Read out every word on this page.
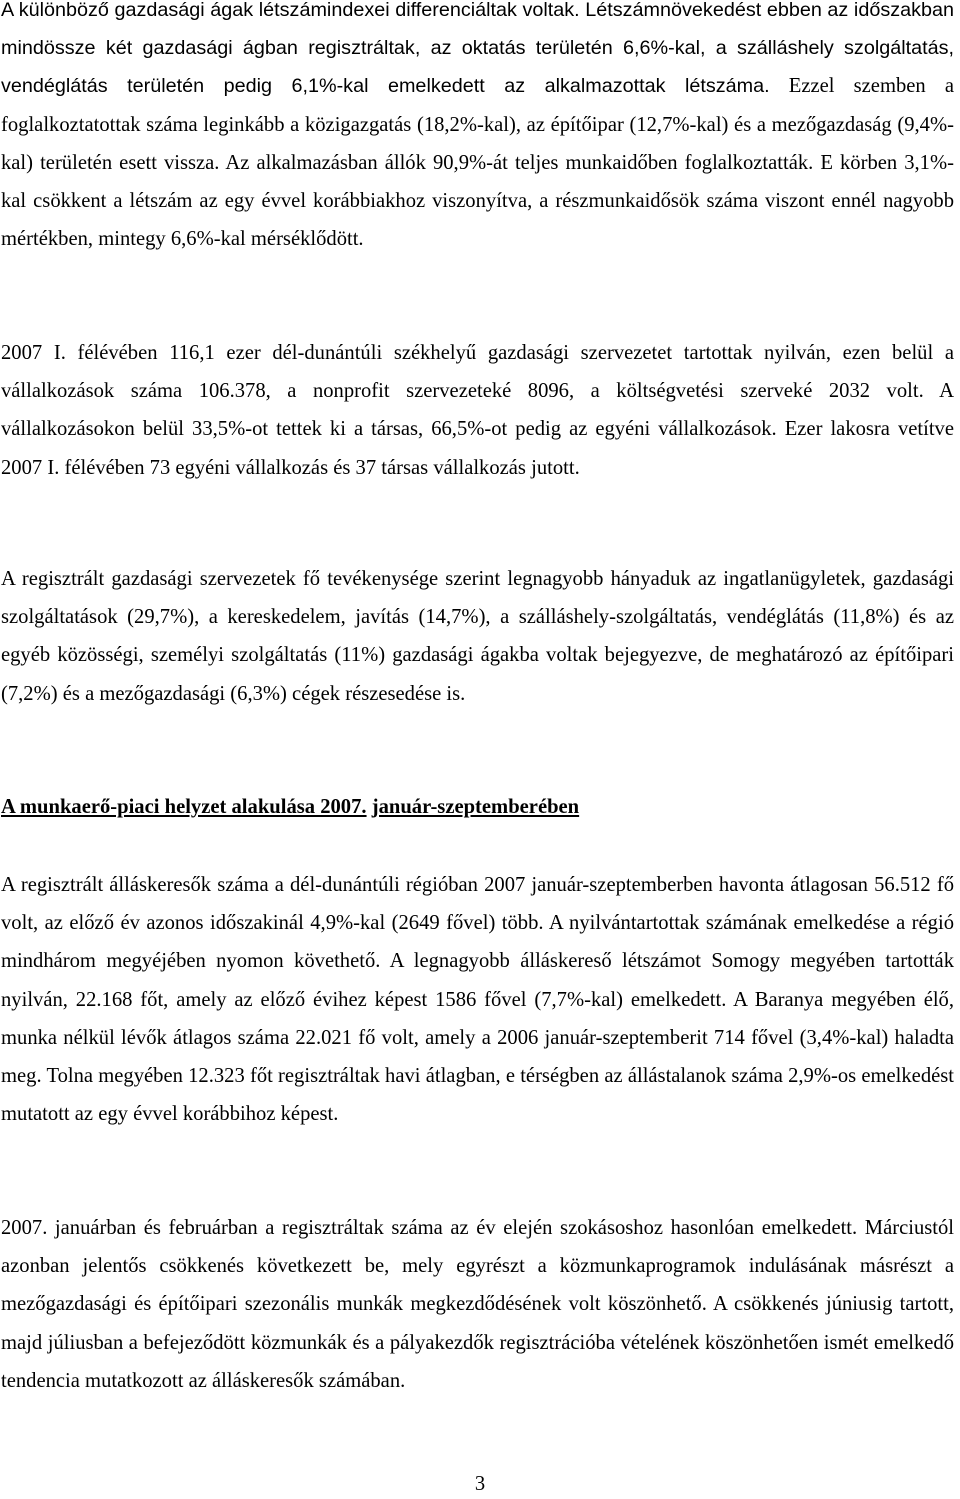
A különböző gazdasági ágak létszámindexei differenciáltak voltak. Létszámnövekedést ebben az időszakban mindössze két gazdasági ágban regisztráltak, az oktatás területén 6,6%-kal, a szálláshely szolgáltatás, vendéglátás területén pedig 6,1%-kal emelkedett az alkalmazottak létszáma. Ezzel szemben a foglalkoztatottak száma leginkább a közigazgatás (18,2%-kal), az építőipar (12,7%-kal) és a mezőgazdaság (9,4%-kal) területén esett vissza. Az alkalmazásban állók 90,9%-át teljes munkaidőben foglalkoztatták. E körben 3,1%-kal csökkent a létszám az egy évvel korábbiakhoz viszonyítva, a részmunkaidősök száma viszont ennél nagyobb mértékben, mintegy 6,6%-kal mérséklődött.

2007 I. félévében 116,1 ezer dél-dunántúli székhelyű gazdasági szervezetet tartottak nyilván, ezen belül a vállalkozások száma 106.378, a nonprofit szervezeteké 8096, a költségvetési szerveké 2032 volt. A vállalkozásokon belül 33,5%-ot tettek ki a társas, 66,5%-ot pedig az egyéni vállalkozások. Ezer lakosra vetítve 2007 I. félévében 73 egyéni vállalkozás és 37 társas vállalkozás jutott.

A regisztrált gazdasági szervezetek fő tevékenysége szerint legnagyobb hányaduk az ingatlanügyletek, gazdasági szolgáltatások (29,7%), a kereskedelem, javítás (14,7%), a szálláshely-szolgáltatás, vendéglátás (11,8%) és az egyéb közösségi, személyi szolgáltatás (11%) gazdasági ágakba voltak bejegyezve, de meghatározó az építőipari (7,2%) és a mezőgazdasági (6,3%) cégek részesedése is.

A munkaerő-piaci helyzet alakulása 2007. január-szeptemberében

A regisztrált álláskeresők száma a dél-dunántúli régióban 2007 január-szeptemberben havonta átlagosan 56.512 fő volt, az előző év azonos időszakinál 4,9%-kal (2649 fővel) több. A nyilvántartottak számának emelkedése a régió mindhárom megyéjében nyomon követhető. A legnagyobb álláskereső létszámot Somogy megyében tartották nyilván, 22.168 főt, amely az előző évihez képest 1586 fővel (7,7%-kal) emelkedett. A Baranya megyében élő, munka nélkül lévők átlagos száma 22.021 fő volt, amely a 2006 január-szeptemberit 714 fővel (3,4%-kal) haladta meg. Tolna megyében 12.323 főt regisztráltak havi átlagban, e térségben az állástalanok száma 2,9%-os emelkedést mutatott az egy évvel korábbihoz képest.

2007. januárban és februárban a regisztráltak száma az év elején szokásoshoz hasonlóan emelkedett. Márciustól azonban jelentős csökkenés következett be, mely egyrészt a közmunkaprogramok indulásának másrészt a mezőgazdasági és építőipari szezonális munkák megkezdődésének volt köszönhető. A csökkenés júniusig tartott, majd júliusban a befejeződött közmunkák és a pályakezdők regisztrációba vételének köszönhetően ismét emelkedő tendencia mutatkozott az álláskeresők számában.

3
